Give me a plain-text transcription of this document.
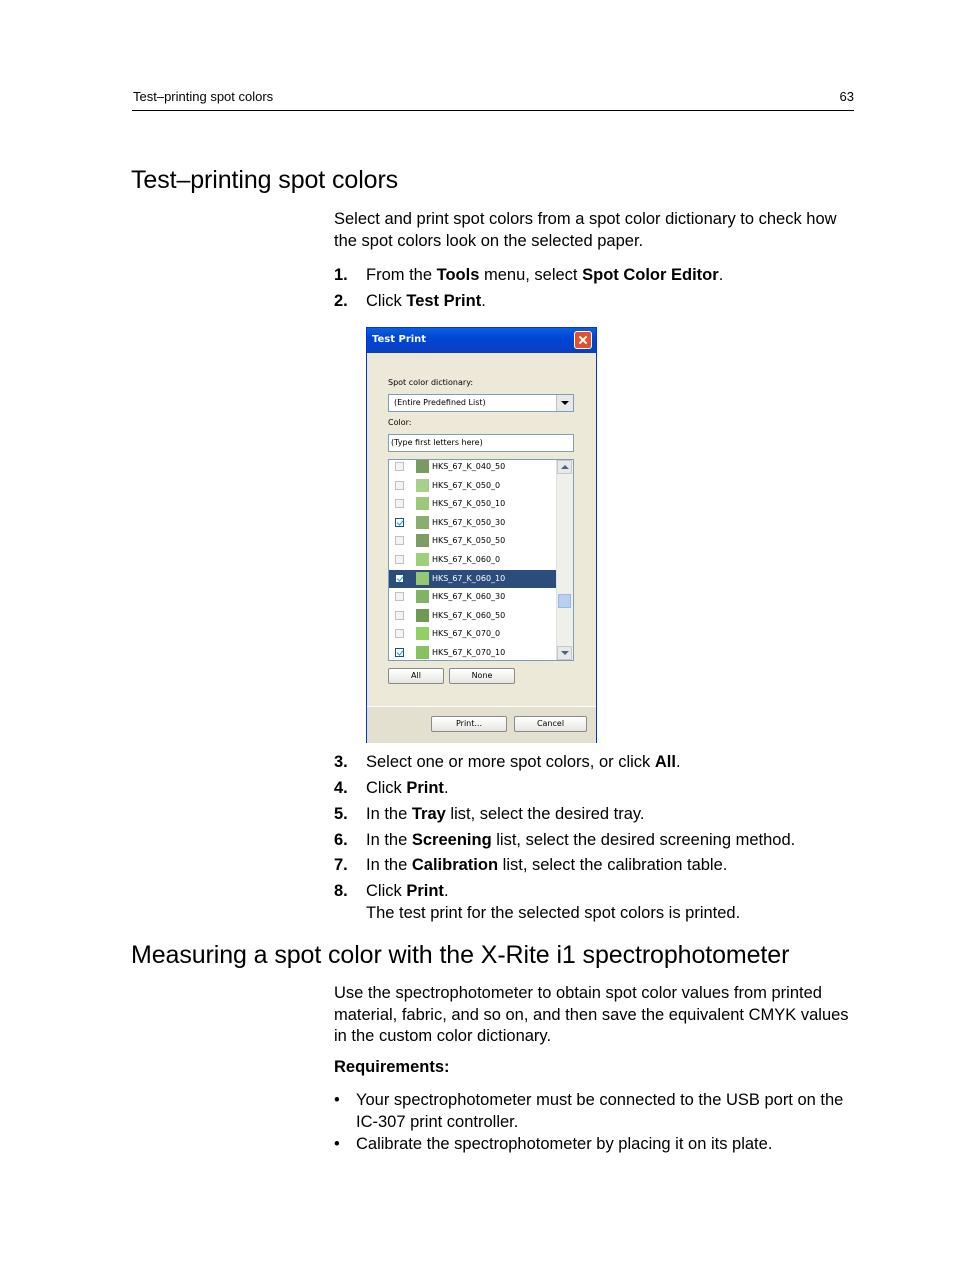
Test–printing spot colors	63
Test–printing spot colors

Select and print spot colors from a spot color dictionary to check how the spot colors look on the selected paper.

1. From the Tools menu, select Spot Color Editor.
2. Click Test Print.
Test Print
Spot color dictionary:
(Entire Predefined List)
Color:
(Type first letters here)
HKS_67_K_040_50
HKS_67_K_050_0
HKS_67_K_050_10
HKS_67_K_050_30
HKS_67_K_050_50
HKS_67_K_060_0
HKS_67_K_060_10
HKS_67_K_060_30
HKS_67_K_060_50
HKS_67_K_070_0
HKS_67_K_070_10
All	None
Print...	Cancel
3. Select one or more spot colors, or click All.
4. Click Print.
5. In the Tray list, select the desired tray.
6. In the Screening list, select the desired screening method.
7. In the Calibration list, select the calibration table.
8. Click Print.
The test print for the selected spot colors is printed.
Measuring a spot color with the X-Rite i1 spectrophotometer

Use the spectrophotometer to obtain spot color values from printed material, fabric, and so on, and then save the equivalent CMYK values in the custom color dictionary.

Requirements:
• Your spectrophotometer must be connected to the USB port on the IC-307 print controller.
• Calibrate the spectrophotometer by placing it on its plate.
